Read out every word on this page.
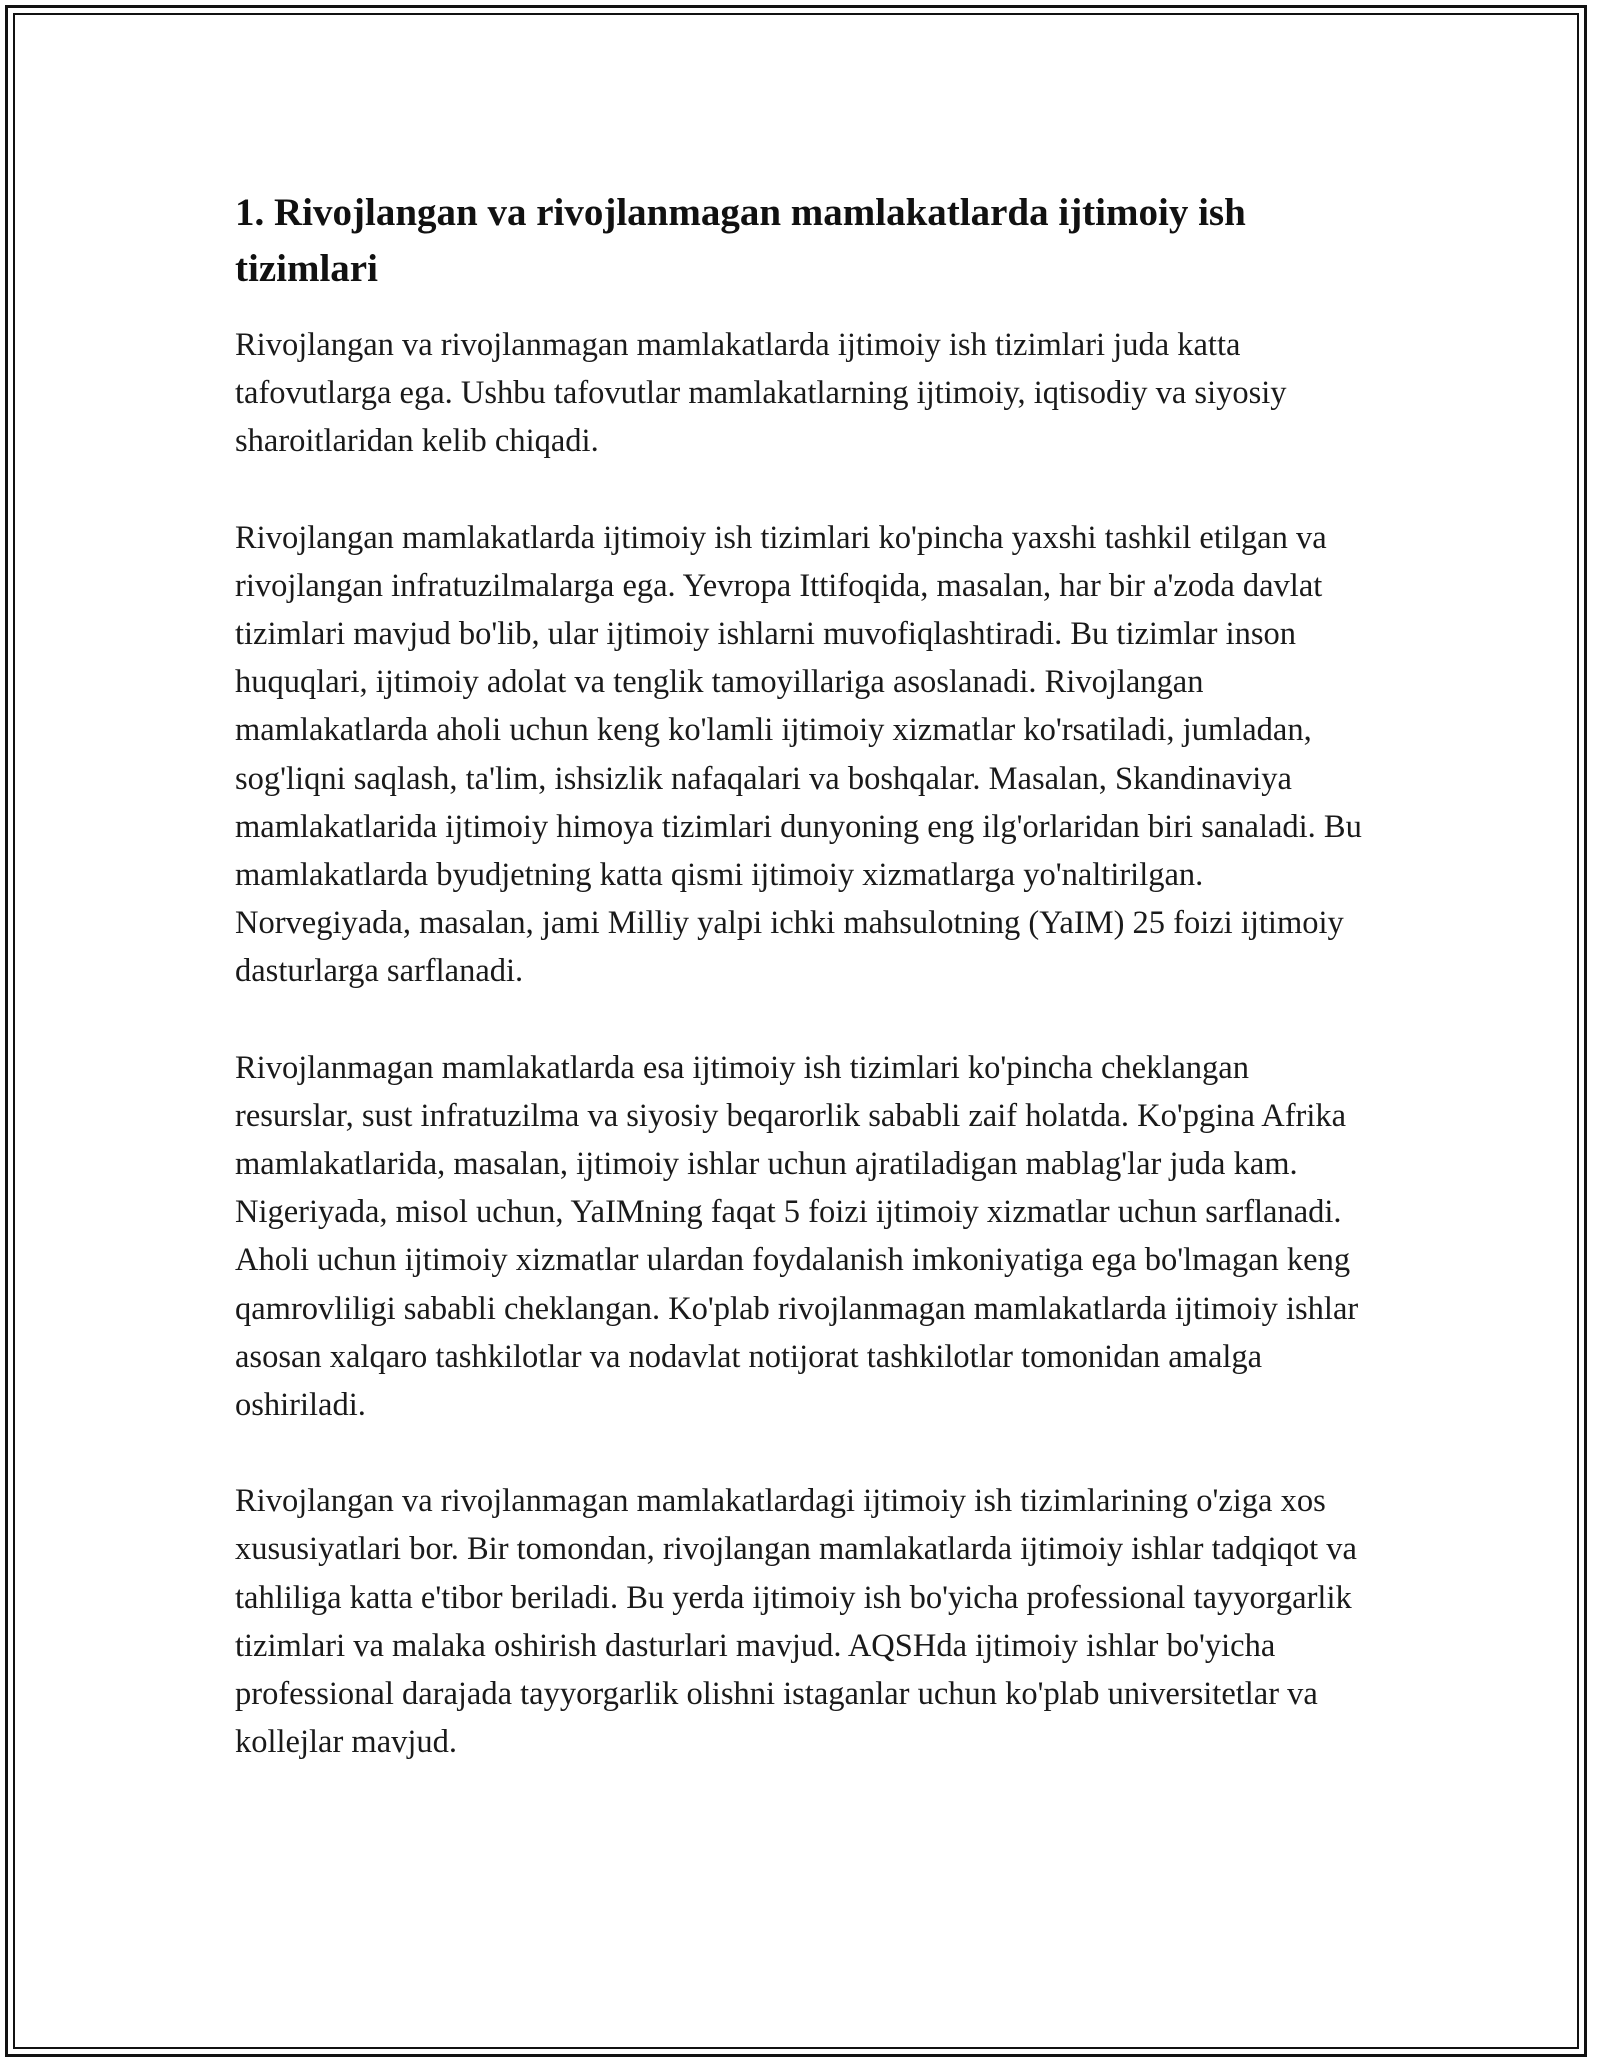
1. Rivojlangan va rivojlanmagan mamlakatlarda ijtimoiy ish tizimlari

Rivojlangan va rivojlanmagan mamlakatlarda ijtimoiy ish tizimlari juda katta tafovutlarga ega. Ushbu tafovutlar mamlakatlarning ijtimoiy, iqtisodiy va siyosiy sharoitlaridan kelib chiqadi.

Rivojlangan mamlakatlarda ijtimoiy ish tizimlari ko'pincha yaxshi tashkil etilgan va rivojlangan infratuzilmalarga ega. Yevropa Ittifoqida, masalan, har bir a'zoda davlat tizimlari mavjud bo'lib, ular ijtimoiy ishlarni muvofiqlashtiradi. Bu tizimlar inson huquqlari, ijtimoiy adolat va tenglik tamoyillariga asoslanadi. Rivojlangan mamlakatlarda aholi uchun keng ko'lamli ijtimoiy xizmatlar ko'rsatiladi, jumladan, sog'liqni saqlash, ta'lim, ishsizlik nafaqalari va boshqalar. Masalan, Skandinaviya mamlakatlarida ijtimoiy himoya tizimlari dunyoning eng ilg'orlaridan biri sanaladi. Bu mamlakatlarda byudjetning katta qismi ijtimoiy xizmatlarga yo'naltirilgan. Norvegiyada, masalan, jami Milliy yalpi ichki mahsulotning (YaIM) 25 foizi ijtimoiy dasturlarga sarflanadi.

Rivojlanmagan mamlakatlarda esa ijtimoiy ish tizimlari ko'pincha cheklangan resurslar, sust infratuzilma va siyosiy beqarorlik sababli zaif holatda. Ko'pgina Afrika mamlakatlarida, masalan, ijtimoiy ishlar uchun ajratiladigan mablag'lar juda kam. Nigeriyada, misol uchun, YaIMning faqat 5 foizi ijtimoiy xizmatlar uchun sarflanadi. Aholi uchun ijtimoiy xizmatlar ulardan foydalanish imkoniyatiga ega bo'lmagan keng qamrovliligi sababli cheklangan. Ko'plab rivojlanmagan mamlakatlarda ijtimoiy ishlar asosan xalqaro tashkilotlar va nodavlat notijorat tashkilotlar tomonidan amalga oshiriladi.

Rivojlangan va rivojlanmagan mamlakatlardagi ijtimoiy ish tizimlarining o'ziga xos xususiyatlari bor. Bir tomondan, rivojlangan mamlakatlarda ijtimoiy ishlar tadqiqot va tahliliga katta e'tibor beriladi. Bu yerda ijtimoiy ish bo'yicha professional tayyorgarlik tizimlari va malaka oshirish dasturlari mavjud. AQSHda ijtimoiy ishlar bo'yicha professional darajada tayyorgarlik olishni istaganlar uchun ko'plab universitetlar va kollejlar mavjud.
